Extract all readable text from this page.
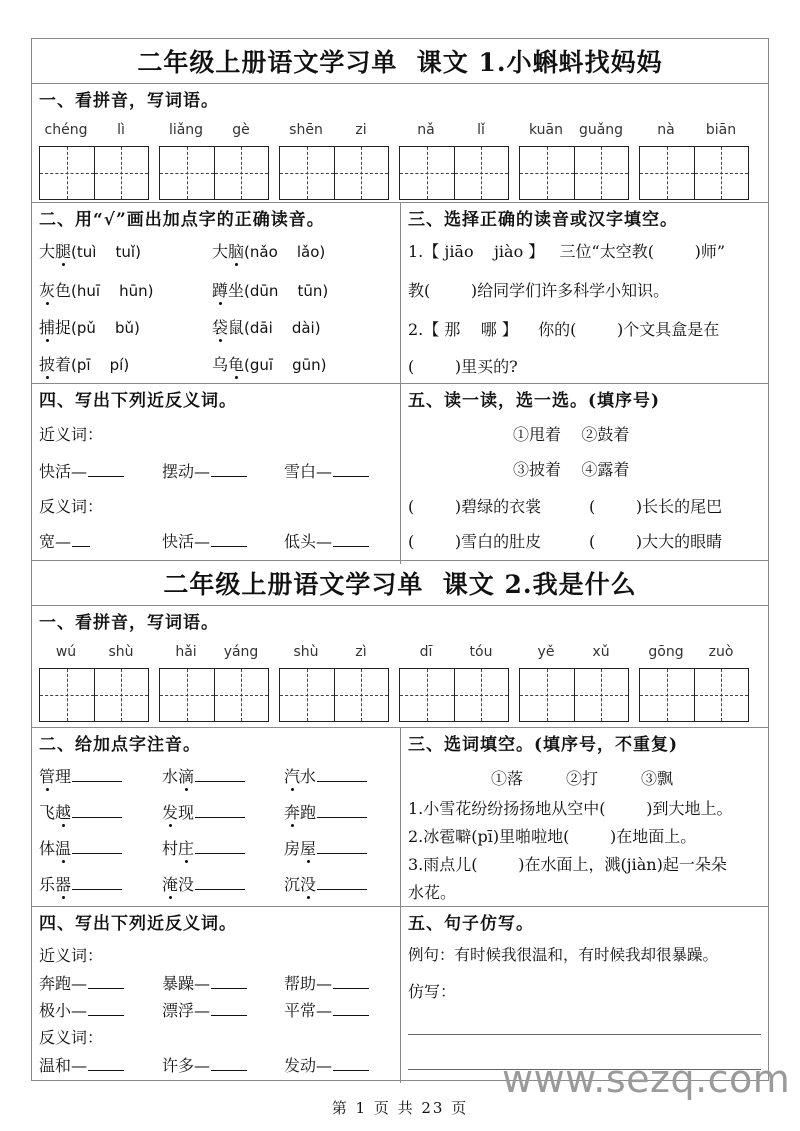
二年级上册语文学习单  课文 1.小蝌蚪找妈妈
一、看拼音，写词语。
chéng lì	liǎng gè	shēn zi	nǎ	lǐ	kuān guǎng nà biān
二、用“√”画出加点字的正确读音。
大腿(tuì    tuǐ)	大脑(nǎo    lǎo)
灰色(huī    hūn)	蹲坐(dūn    tūn)
捕捉(pǔ    bǔ)	袋鼠(dāi    dài)
披着(pī    pí)	乌龟(guī    gūn)
三、选择正确的读音或汉字填空。
1.【 jiāo    jiào 】   三位“太空教(        )师”
教(        )给同学们许多科学小知识。
2.【 那    哪 】    你的(        )个文具盒是在
(        )里买的?
四、写出下列近反义词。
近义词：
快活—	摆动—	雪白—
反义词：
宽—	快活—	低头—
五、读一读，选一选。(填序号)
①甩着    ②鼓着
③披着    ④露着
(        )碧绿的衣裳	(        )长长的尾巴
(        )雪白的肚皮	(        )大大的眼睛
二年级上册语文学习单  课文 2.我是什么
一、看拼音，写词语。
wú shù	hǎi yáng	shù	zì	dī	tóu	yě	xǔ	gōng zuò
二、给加点字注音。
管理	水滴	汽水
飞越	发现	奔跑
体温	村庄	房屋
乐器	淹没	沉没
三、选词填空。(填序号，不重复)
①落	②打	③飘
1.小雪花纷纷扬扬地从空中(        )到大地上。
2.冰雹噼(pī)里啪啦地(        )在地面上。
3.雨点儿(        )在水面上，溅(jiàn)起一朵朵
水花。
四、写出下列近反义词。
近义词：
奔跑—	暴躁—	帮助—
极小—	漂浮—	平常—
反义词：
温和—	许多—	发动—
五、句子仿写。
例句：有时候我很温和，有时候我却很暴躁。
仿写：
www.sezq.com
第 1 页 共 23 页
